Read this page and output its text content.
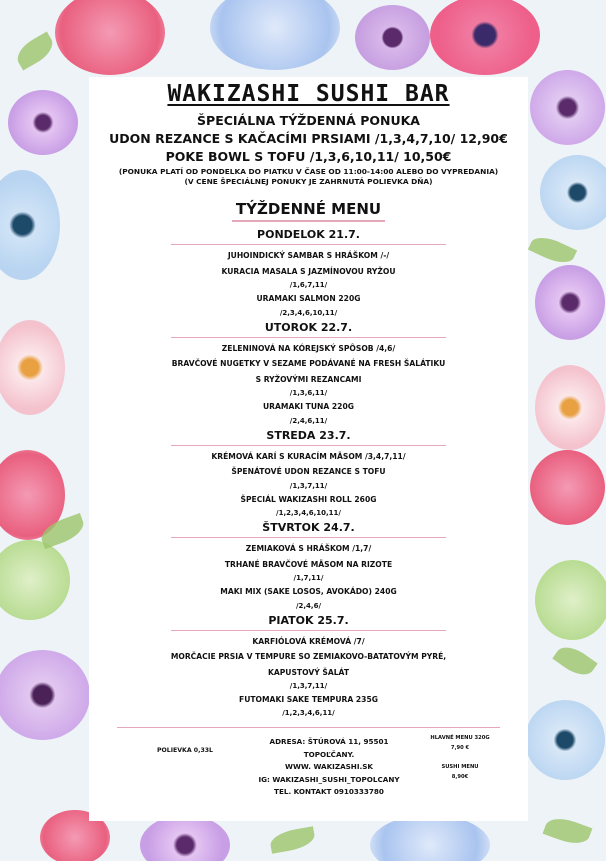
WAKIZASHI SUSHI BAR
ŠPECIÁLNA TÝŽDENNÁ PONUKA
UDON REZANCE S KAČACÍMI PRSIAMI /1,3,4,7,10/ 12,90€
POKE BOWL S TOFU /1,3,6,10,11/ 10,50€
(PONUKA PLATÍ OD PONDELKA DO PIATKU V ČASE OD 11:00-14:00 ALEBO DO VYPREDANIA)
(V CENE ŠPECIÁLNEJ PONUKY JE ZAHRNUTÁ POLIEVKA DŇA)
TÝŽDENNÉ MENU
PONDELOK 21.7.
JUHOINDICKÝ SAMBAR S HRÁŠKOM /-/
KURACIA MASALA S JAZMÍNOVOU RYŽOU
/1,6,7,11/
URAMAKI SALMON 220G
/2,3,4,6,10,11/
UTOROK 22.7.
ZELENINOVÁ NA KÓREJSKÝ SPÔSOB /4,6/
BRAVČOVÉ NUGETKY V SEZAME PODÁVANÉ NA FRESH ŠALÁTIKU
S RYŽOVÝMI REZANCAMI
/1,3,6,11/
URAMAKI TUNA 220G
/2,4,6,11/
STREDA 23.7.
KRÉMOVÁ KARÍ S KURACÍM MÄSOM /3,4,7,11/
ŠPENÁTOVÉ UDON REZANCE S TOFU
/1,3,7,11/
ŠPECIÁL WAKIZASHI ROLL 260G
/1,2,3,4,6,10,11/
ŠTVRTOK 24.7.
ZEMIAKOVÁ S HRÁŠKOM /1,7/
TRHANÉ BRAVČOVÉ MÄSOM NA RIZOTE
/1,7,11/
MAKI MIX (SAKE LOSOS, AVOKÁDO) 240G
/2,4,6/
PIATOK 25.7.
KARFIÓLOVÁ KRÉMOVÁ /7/
MORČACIE PRSIA V TEMPURE SO ZEMIAKOVO-BATATOVÝM PYRÉ,
KAPUSTOVÝ ŠALÁT
/1,3,7,11/
FUTOMAKI SAKE TEMPURA 235G
/1,2,3,4,6,11/
POLIEVKA 0,33L
ADRESA: ŠTÚROVÁ 11, 95501
TOPOĽČANY.
WWW. WAKIZASHI.SK
IG: WAKIZASHI_SUSHI_TOPOLCANY
TEL. KONTAKT 0910333780
HLAVNÉ MENU 320G
7,90 €
SUSHI MENU
8,90€
